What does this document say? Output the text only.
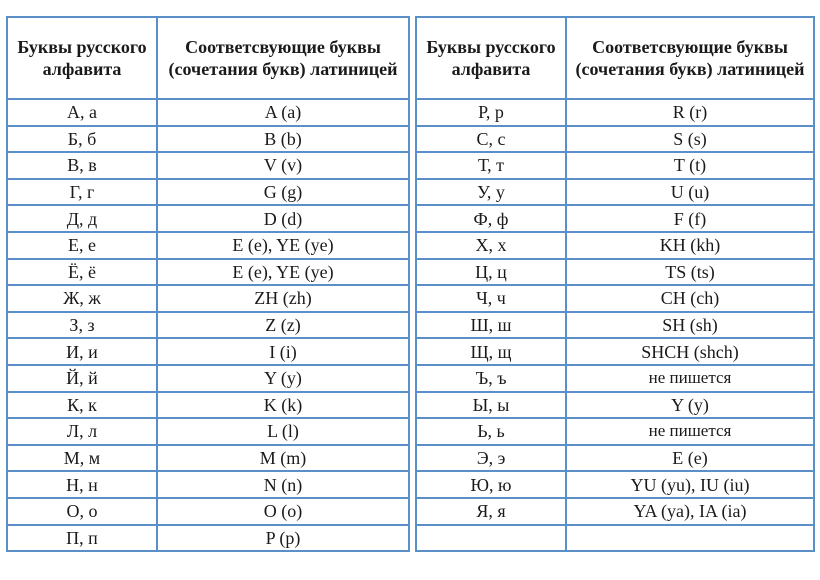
Буквы русского алфавита	Соответсвующие буквы (сочетания букв) латиницей
А, а	A (a)
Б, б	B (b)
В, в	V (v)
Г, г	G (g)
Д, д	D (d)
Е, е	E (e), YE (ye)
Ё, ё	E (e), YE (ye)
Ж, ж	ZH (zh)
З, з	Z (z)
И, и	I (i)
Й, й	Y (y)
К, к	K (k)
Л, л	L (l)
М, м	M (m)
Н, н	N (n)
О, о	O (o)
П, п	P (p)
Буквы русского алфавита	Соответсвующие буквы (сочетания букв) латиницей
Р, р	R (r)
С, с	S (s)
Т, т	T (t)
У, у	U (u)
Ф, ф	F (f)
Х, х	KH (kh)
Ц, ц	TS (ts)
Ч, ч	CH (ch)
Ш, ш	SH (sh)
Щ, щ	SHCH (shch)
Ъ, ъ	не пишется
Ы, ы	Y (y)
Ь, ь	не пишется
Э, э	E (e)
Ю, ю	YU (yu), IU (iu)
Я, я	YA (ya), IA (ia)
